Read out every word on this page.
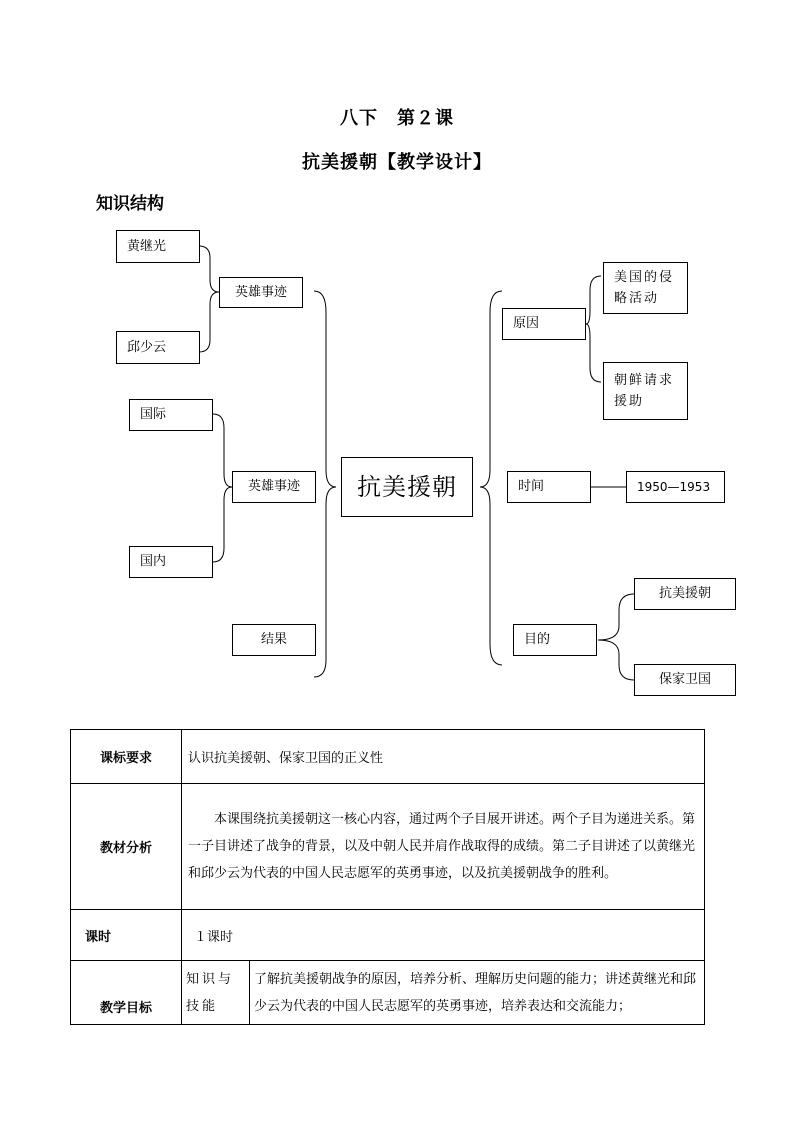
八下　第２课
抗美援朝【教学设计】
知识结构
黄继光
邱少云
英雄事迹
国际
国内
英雄事迹
结果
抗美援朝
原因
美国的侵略活动
朝鲜请求援助
时间	1950—1953
目的
抗美援朝
保家卫国
课标要求	认识抗美援朝、保家卫国的正义性	
教材分析	本课围绕抗美援朝这一核心内容，通过两个子目展开讲述。两个子目为递进关系。第一子目讲述了战争的背景，以及中朝人民并肩作战取得的成绩。第二子目讲述了以黄继光和邱少云为代表的中国人民志愿军的英勇事迹，以及抗美援朝战争的胜利。	
课时	１课时	
教学目标	知识与技能	了解抗美援朝战争的原因，培养分析、理解历史问题的能力；讲述黄继光和邱少云为代表的中国人民志愿军的英勇事迹，培养表达和交流能力；
